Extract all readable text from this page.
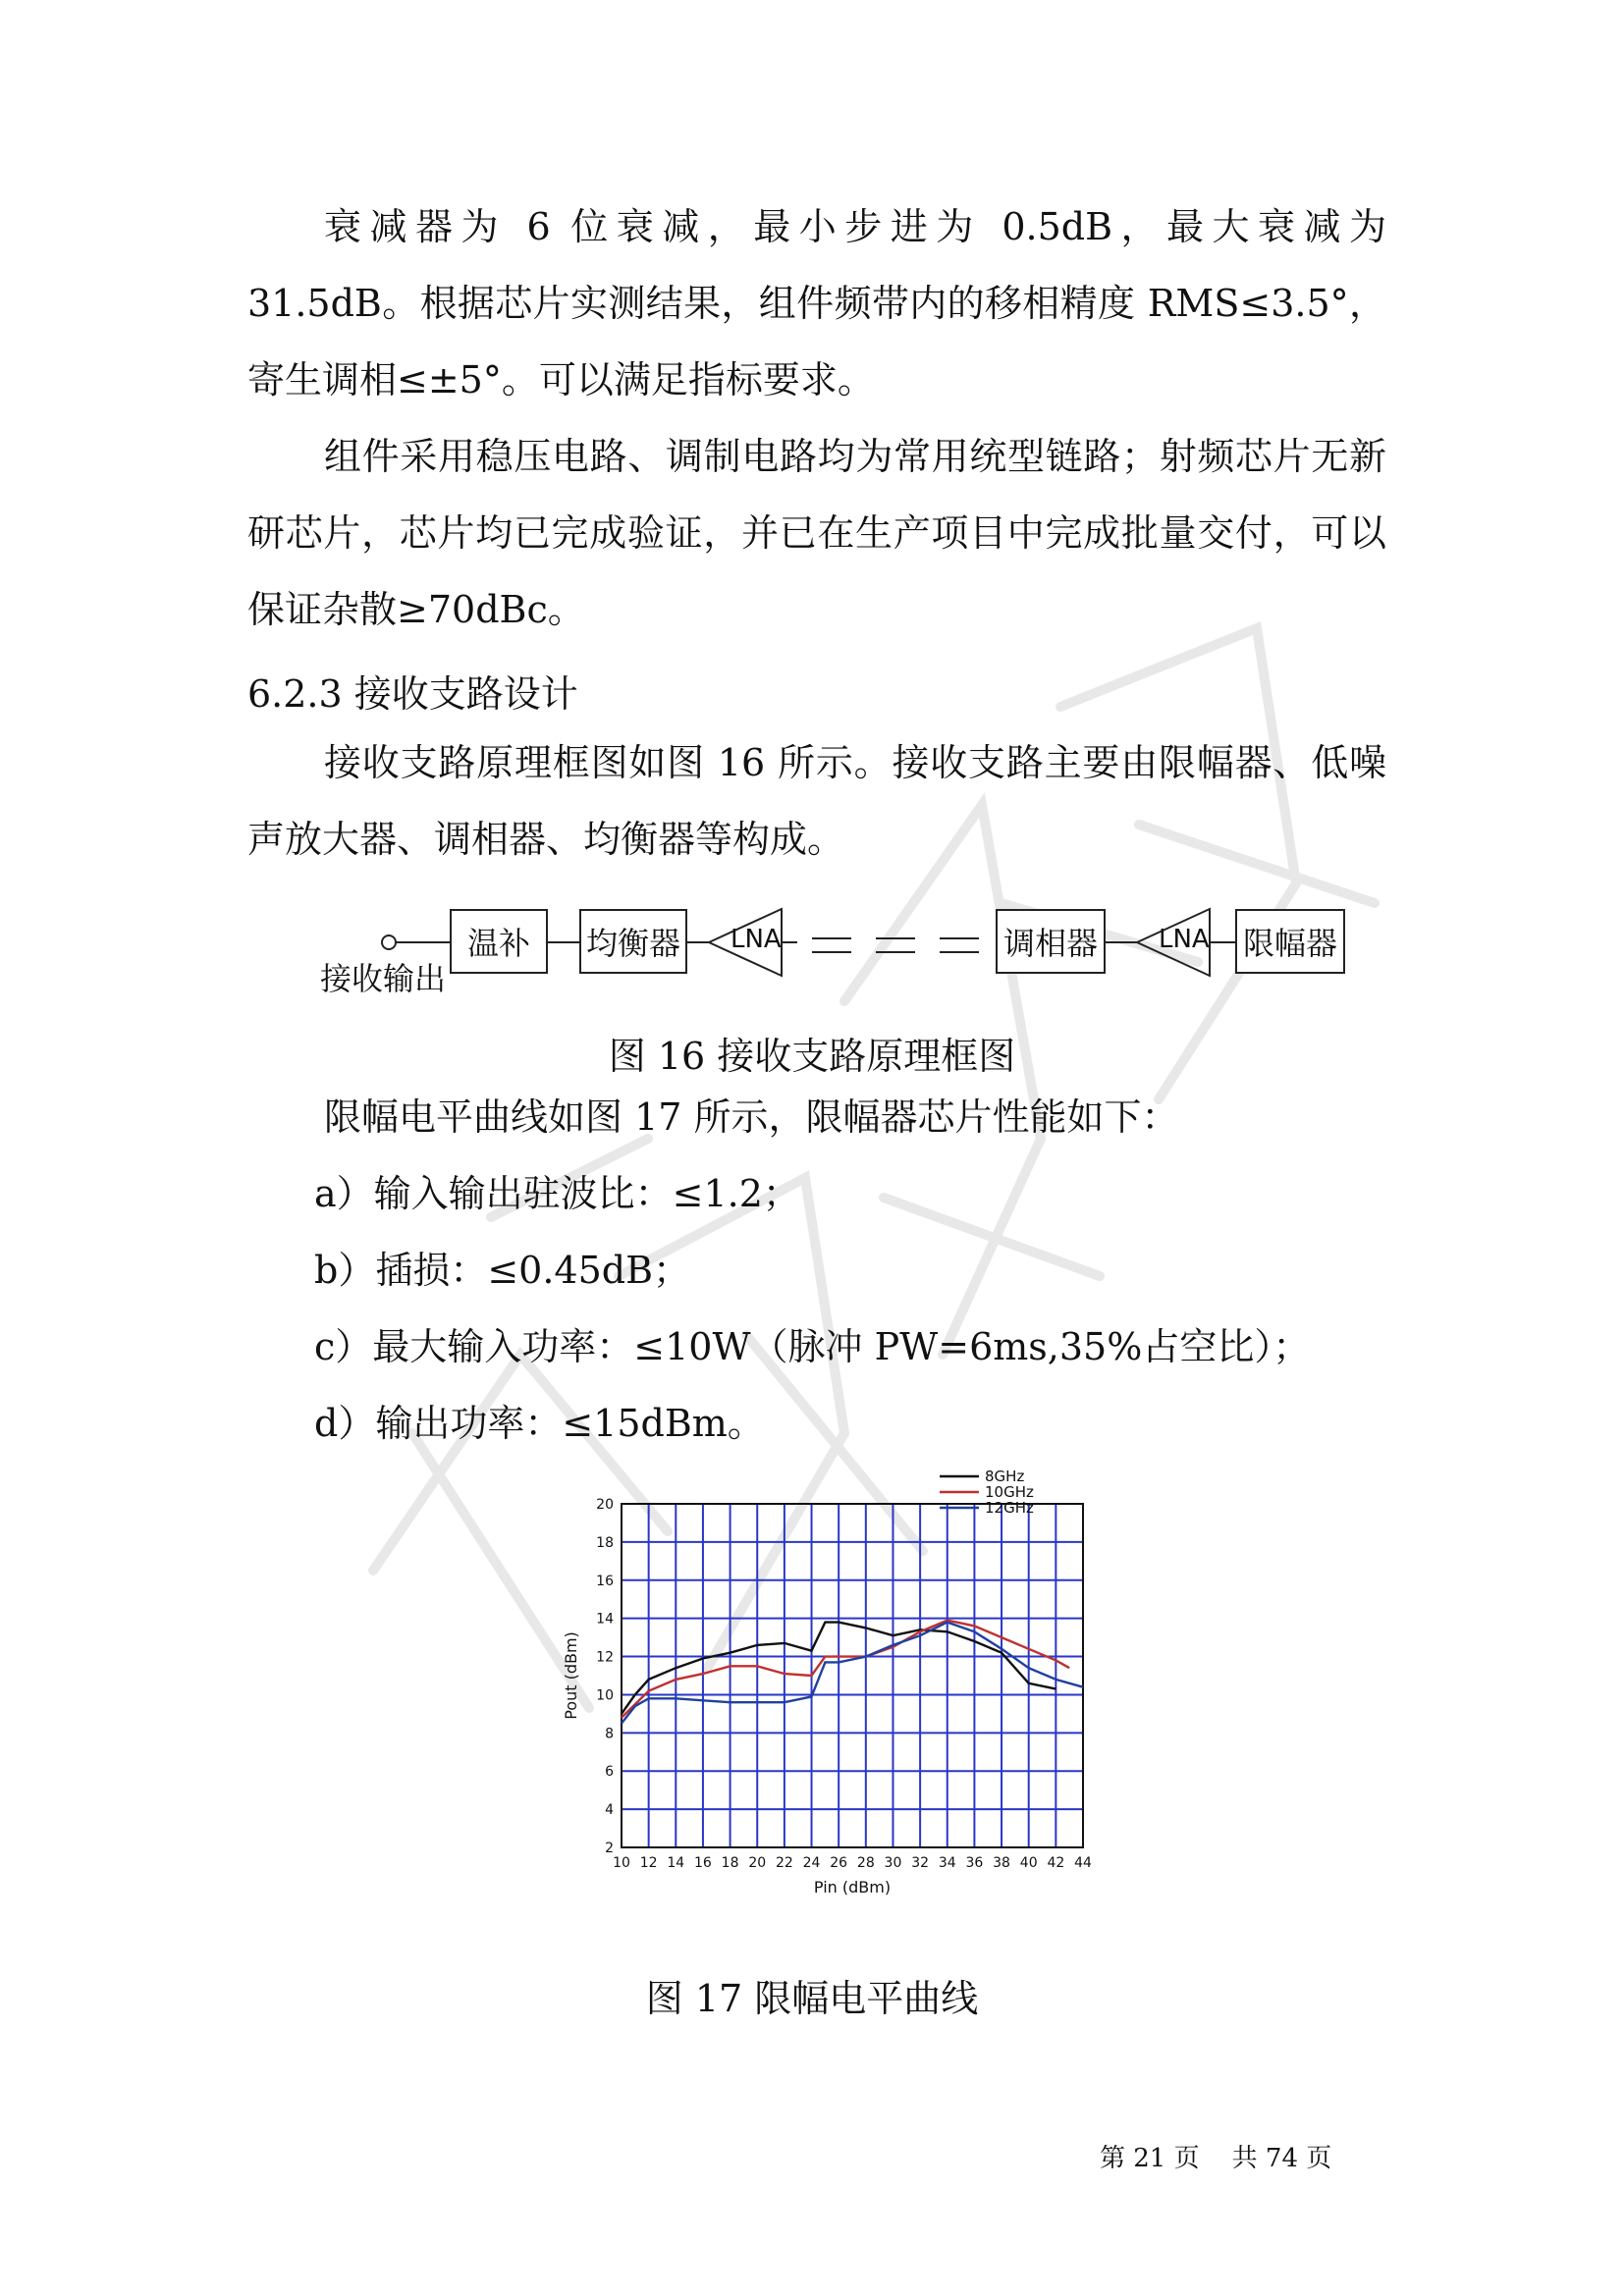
衰减器为 6 位衰减，最小步进为 0.5dB，最大衰减为 31.5dB。根据芯片实测结果，组件频带内的移相精度 RMS≤3.5°，寄生调相≤±5°。可以满足指标要求。

组件采用稳压电路、调制电路均为常用统型链路；射频芯片无新研芯片，芯片均已完成验证，并已在生产项目中完成批量交付，可以保证杂散≥70dBc。

6.2.3 接收支路设计

接收支路原理框图如图 16 所示。接收支路主要由限幅器、低噪声放大器、调相器、均衡器等构成。

接收输出
温补	均衡器 LNA	调相器	LNA 限幅器

图 16 接收支路原理框图

限幅电平曲线如图 17 所示，限幅器芯片性能如下：

a）输入输出驻波比：≤1.2；

b）插损：≤0.45dB；

c）最大输入功率：≤10W（脉冲 PW=6ms,35%占空比）；

d）输出功率：≤15dBm。

10 12 14 16 18 20 22 24 26 28 30 32 34 36 38 40 42 44
2
4
6
8
10
12
14
16
18
20
Pin (dBm)
Pout (dBm)
8GHz
10GHz
12GHz

图 17 限幅电平曲线

第 21 页    共 74 页
